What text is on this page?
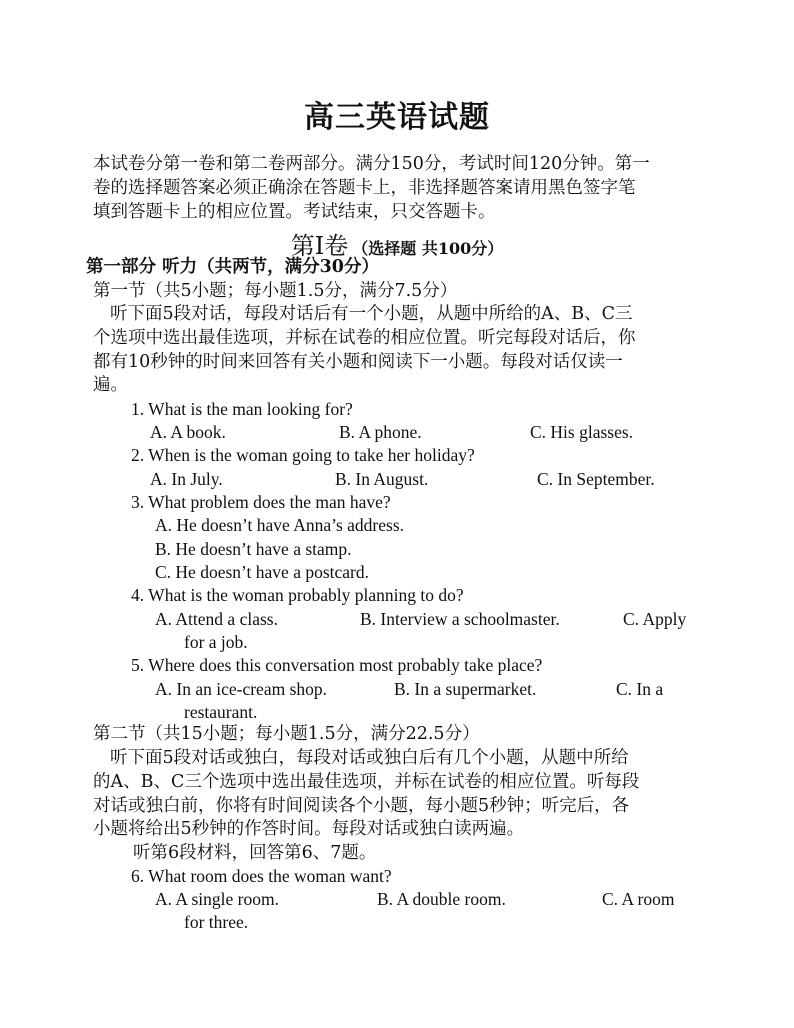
高三英语试题
本试卷分第一卷和第二卷两部分。满分150分，考试时间120分钟。第一
卷的选择题答案必须正确涂在答题卡上，非选择题答案请用黑色签字笔
填到答题卡上的相应位置。考试结束，只交答题卡。
第Ⅰ卷 （选择题 共100分）
第一部分 听力（共两节，满分30分）
第一节（共5小题；每小题1.5分，满分7.5分）
听下面5段对话，每段对话后有一个小题，从题中所给的A、B、C三
个选项中选出最佳选项，并标在试卷的相应位置。听完每段对话后，你
都有10秒钟的时间来回答有关小题和阅读下一小题。每段对话仅读一
遍。
1. What is the man looking for?
A. A book.	B. A phone.	C. His glasses.
2. When is the woman going to take her holiday?
A. In July.	B. In August.	C. In September.
3. What problem does the man have?
A. He doesn’t have Anna’s address.
B. He doesn’t have a stamp.
C. He doesn’t have a postcard.
4. What is the woman probably planning to do?
A. Attend a class.	B. Interview a schoolmaster.	C. Apply
for a job.
5. Where does this conversation most probably take place?
A. In an ice-cream shop.	B. In a supermarket.	C. In a
restaurant.
第二节（共15小题；每小题1.5分，满分22.5分）
听下面5段对话或独白，每段对话或独白后有几个小题，从题中所给
的A、B、C三个选项中选出最佳选项，并标在试卷的相应位置。听每段
对话或独白前，你将有时间阅读各个小题，每小题5秒钟；听完后，各
小题将给出5秒钟的作答时间。每段对话或独白读两遍。
听第6段材料，回答第6、7题。
6. What room does the woman want?
A. A single room.	B. A double room.	C. A room
for three.
